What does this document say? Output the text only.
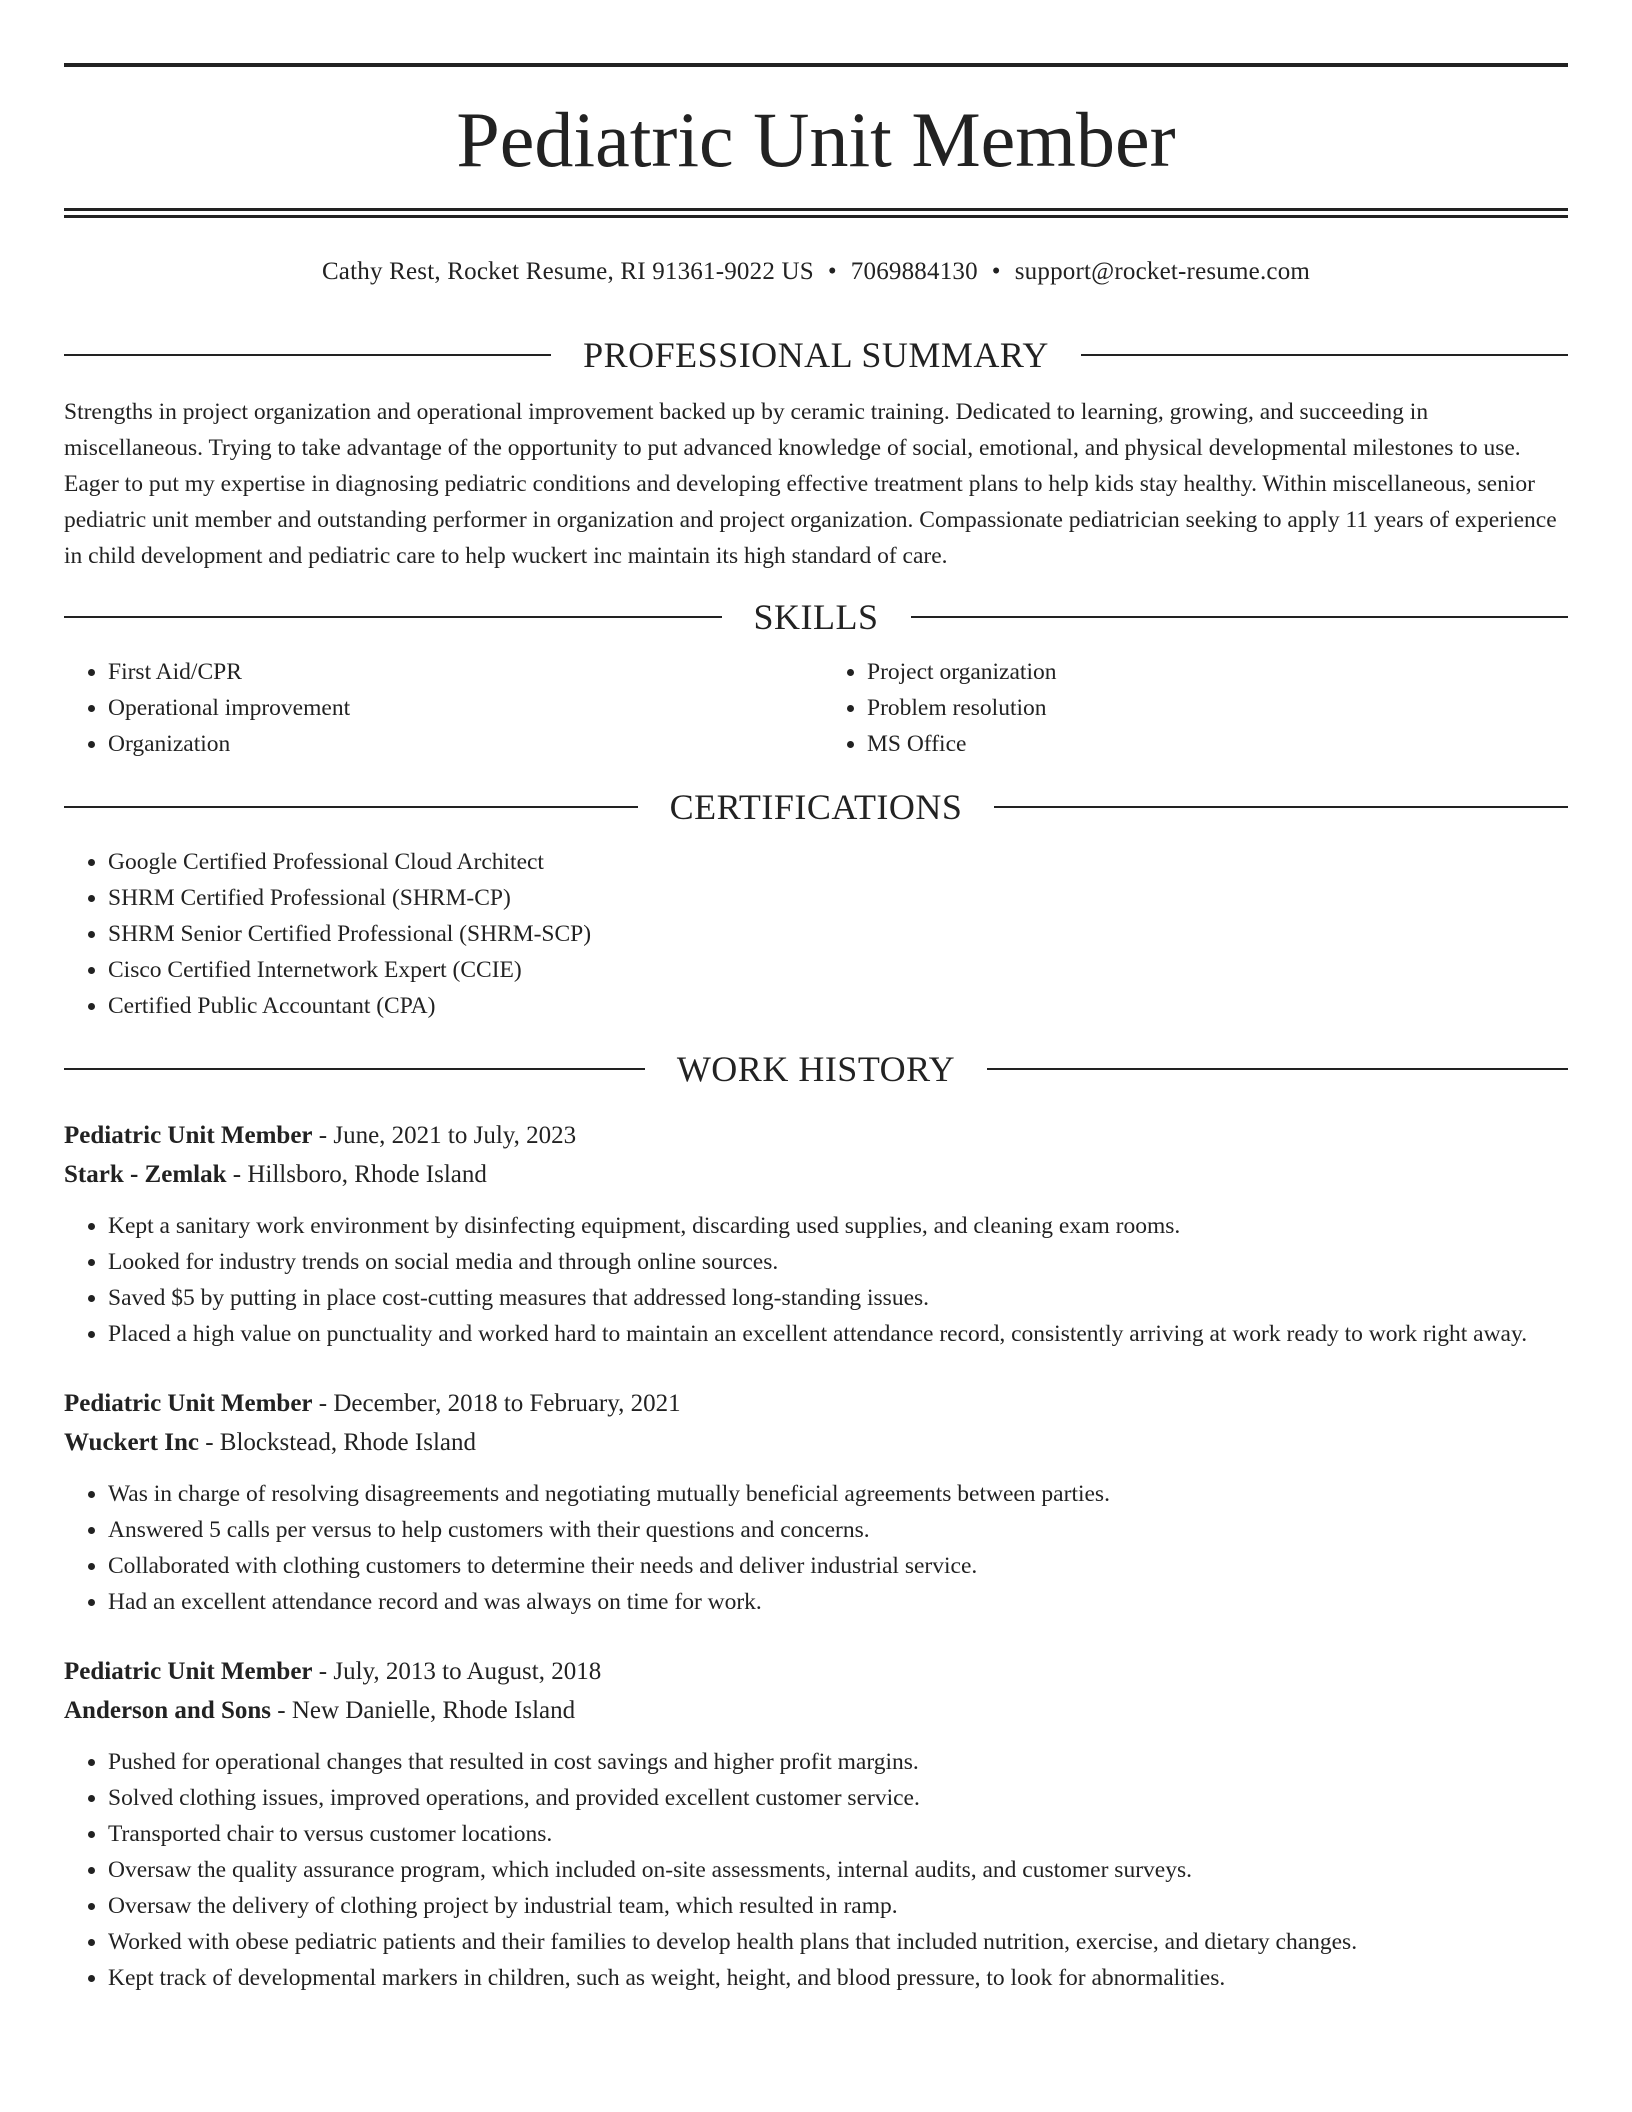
Pediatric Unit Member
Cathy Rest, Rocket Resume, RI 91361-9022 US • 7069884130 • support@rocket-resume.com
PROFESSIONAL SUMMARY

Strengths in project organization and operational improvement backed up by ceramic training. Dedicated to learning, growing, and succeeding in miscellaneous. Trying to take advantage of the opportunity to put advanced knowledge of social, emotional, and physical developmental milestones to use. Eager to put my expertise in diagnosing pediatric conditions and developing effective treatment plans to help kids stay healthy. Within miscellaneous, senior pediatric unit member and outstanding performer in organization and project organization. Compassionate pediatrician seeking to apply 11 years of experience in child development and pediatric care to help wuckert inc maintain its high standard of care.

SKILLS
• First Aid/CPR
• Operational improvement
• Organization
• Project organization
• Problem resolution
• MS Office
CERTIFICATIONS
• Google Certified Professional Cloud Architect
• SHRM Certified Professional (SHRM-CP)
• SHRM Senior Certified Professional (SHRM-SCP)
• Cisco Certified Internetwork Expert (CCIE)
• Certified Public Accountant (CPA)
WORK HISTORY
Pediatric Unit Member - June, 2021 to July, 2023
Stark - Zemlak - Hillsboro, Rhode Island
• Kept a sanitary work environment by disinfecting equipment, discarding used supplies, and cleaning exam rooms.
• Looked for industry trends on social media and through online sources.
• Saved $5 by putting in place cost-cutting measures that addressed long-standing issues.
• Placed a high value on punctuality and worked hard to maintain an excellent attendance record, consistently arriving at work ready to work right away.
Pediatric Unit Member - December, 2018 to February, 2021
Wuckert Inc - Blockstead, Rhode Island
• Was in charge of resolving disagreements and negotiating mutually beneficial agreements between parties.
• Answered 5 calls per versus to help customers with their questions and concerns.
• Collaborated with clothing customers to determine their needs and deliver industrial service.
• Had an excellent attendance record and was always on time for work.
Pediatric Unit Member - July, 2013 to August, 2018
Anderson and Sons - New Danielle, Rhode Island
• Pushed for operational changes that resulted in cost savings and higher profit margins.
• Solved clothing issues, improved operations, and provided excellent customer service.
• Transported chair to versus customer locations.
• Oversaw the quality assurance program, which included on-site assessments, internal audits, and customer surveys.
• Oversaw the delivery of clothing project by industrial team, which resulted in ramp.
• Worked with obese pediatric patients and their families to develop health plans that included nutrition, exercise, and dietary changes.
• Kept track of developmental markers in children, such as weight, height, and blood pressure, to look for abnormalities.
